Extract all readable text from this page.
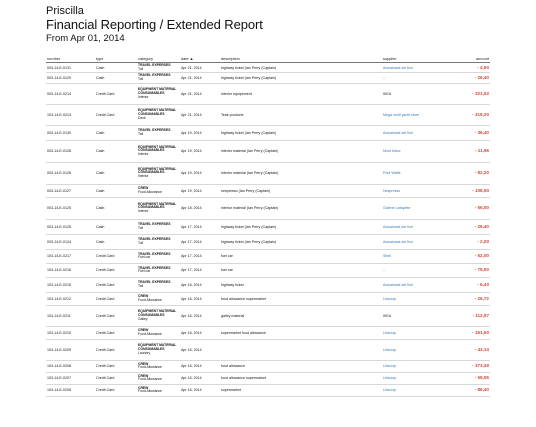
Priscilla
Financial Reporting / Extended Report
From Apr 01, 2014
number	type	category	date ▲	description	supplier	amount
003-14-E-0131	Cash	TRAVEL EXPERSES
Toll	Apr 21, 2014	highway ticket (Ian Perry (Captain)	Autostrada dei fiori	- 4,50
003-14-E-0129	Cash	TRAVEL EXPERSES
Toll	Apr 21, 2014	highway ticket (Ian Perry (Captain)	--	- 26,40
003-14-E-0214	Credit Card	EQUIPMENT MATERIAL CONSUMABLES
Interior	Apr 21, 2014	interior equipement	IKEA	- 321,52
103-14-E-0213	Credit Card	EQUIPMENT MATERIAL CONSUMABLES
Deck	Apr 21, 2014	Teak products	Mega multi yacht store	- 319,20
003-14-E-0130	Cash	TRAVEL EXPERSES
Toll	Apr 19, 2014	highway ticket (Ian Perry (Captain)	Autostrada dei fiori	- 36,40
003-14-E-0128	Cash	EQUIPMENT MATERIAL CONSUMABLES
Interior	Apr 19, 2014	interior material (Ian Perry (Captain)	Mont blanc	- 11,96
003-14-E-0126	Cash	EQUIPMENT MATERIAL CONSUMABLES
Interior	Apr 19, 2014	interior material (Ian Perry (Captain)	Pont Waffe	- 82,20
003-14-E-0127	Cash	CREW
Food Allowance	Apr 19, 2014	nespresso (Ian Perry (Captain)	Nespresso	- 108,50
003-14-E-0125	Cash	EQUIPMENT MATERIAL CONSUMABLES
Interior	Apr 18, 2014	interior material (Ian Perry (Captain)	Galerie Lafayette	- 56,00
003-14-E-0125	Cash	TRAVEL EXPERSES
Toll	Apr 17, 2014	highway ticket (Ian Perry (Captain)	Autostrada dei fiori	- 26,40
003-14-E-0124	Cash	TRAVEL EXPERSES
Toll	Apr 17, 2014	highway ticket (Ian Perry (Captain)	Autostrada dei fiori	- 2,00
103-14-E-0217	Credit Card	TRAVEL EXPERSES
Fuel car	Apr 17, 2014	fuel car	Shell	- 52,00
103-14-E-0216	Credit Card	TRAVEL EXPERSES
Fuel car	Apr 17, 2014	fuel car	--	- 75,00
103-14-E-0215	Credit Card	TRAVEL EXPERSES
Toll	Apr 16, 2014	highway ticket	Autostrada dei fiori	- 6,40
103-14-E-0212	Credit Card	CREW
Food Allowance	Apr 16, 2014	food allowance supermarket	Unicoop	- 26,72
103-14-E-0211	Credit Card	EQUIPMENT MATERIAL CONSUMABLES
Galley	Apr 16, 2014	galley material	IKEA	- 112,97
103-14-E-0210	Credit Card	CREW
Food Allowance	Apr 16, 2014	supermarket food allowance	Unicoop	- 161,60
103-14-E-0209	Credit Card	EQUIPMENT MATERIAL CONSUMABLES
Laundry	Apr 16, 2014		Unicoop	- 43,14
103-14-E-0208	Credit Card	CREW
Food Allowance	Apr 16, 2014	food allowance	Unicoop	- 373,49
103-14-E-0207	Credit Card	CREW
Food Allowance	Apr 16, 2014	food allowance supermarket	Unicoop	- 59,05
103-14-E-0205	Credit Card	CREW
Food Allowance	Apr 16, 2014	supermarket	Unicoop	- 86,40
